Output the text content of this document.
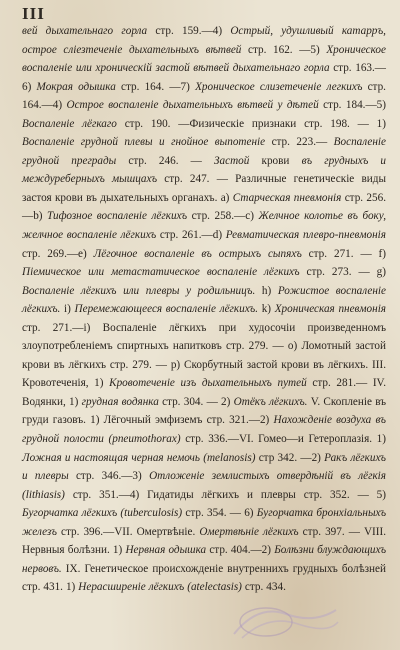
III

вей дыхательнаго горла стр. 159.—4) Острый, удушливый катарръ, острое сліезтеченіе дыхательныхъ вѣтвей стр. 162. —5) Хроническое воспаленіе или хроническій застой вѣтвей дыхательнаго горла стр. 163.—6) Мокрая одышка стр. 164. —7) Хроническое слизетеченіе легкихъ стр. 164.—4) Острое воспаленіе дыхательныхъ вѣтвей у дѣтей стр. 184.—5) Воспаленіе лёгкаго стр. 190. —Физическіе признаки стр. 198. — 1) Воспаленіе грудной плевы и гнойное выпотеніе стр. 223.— Воспаленіе грудной преграды стр. 246. — Застой крови въ грудныхъ и междуреберныхъ мышцахъ стр. 247. — Различные генетическіе виды застоя крови въ дыхательныхъ органахъ. а) Старческая пневмонія стр. 256.—b) Тифозное воспаленіе лёгкихъ стр. 258.—c) Желчное колотье въ боку, желчное воспаленіе лёгкихъ стр. 261.—d) Ревматическая плевро-пневмонія стр. 269.—e) Лёгочное воспаленіе въ острыхъ сыпяхъ стр. 271. — f) Піемическое или метастатическое воспаленіе лёгкихъ стр. 273. — g) Воспаленіе лёгкихъ или плевры у родильницъ. h) Рожистое воспаленіе лёгкихъ. i) Перемежающееся воспаленіе лёгкихъ. k) Хроническая пневмонія стр. 271.—i) Воспаленіе лёгкихъ при худосочіи произведенномъ злоупотребленіемъ спиртныхъ напитковъ стр. 279. — о) Ломотный застой крови въ лёгкихъ стр. 279. — р) Скорбутный застой крови въ лёгкихъ. III. Кровотеченія, 1) Кровотеченіе изъ дыхательныхъ путей стр. 281.— IV. Водянки, 1) грудная водянка стр. 304. — 2) Отёкъ лёгкихъ. V. Скопленіе въ груди газовъ. 1) Лёгочный эмфиземъ стр. 321.—2) Нахожденіе воздуха въ грудной полости (pneumothorax) стр. 336.—VI. Гомео—и Гетероплазія. 1) Ложная и настоящая черная немочь (melanosis) стр 342. —2) Ракъ лёгкихъ и плевры стр. 346.—3) Отложеніе землистыхъ отвердѣній въ лёгкія (lithiasis) стр. 351.—4) Гидатиды лёгкихъ и плевры стр. 352. — 5) Бугорчатка лёгкихъ (tuberculosis) стр. 354. — 6) Бугорчатка бронхіальныхъ железъ стр. 396.—VII. Омертвѣніе. Омертвѣніе лёгкихъ стр. 397. — VIII. Нервныя болѣзни. 1) Нервная одышка стр. 404.—2) Болѣзни блуждающихъ нервовъ. IX. Генетическое происхожденіе внутреннихъ грудныхъ болѣзней стр. 431. 1) Нерасширеніе лёгкихъ (atelectasis) стр. 434.
